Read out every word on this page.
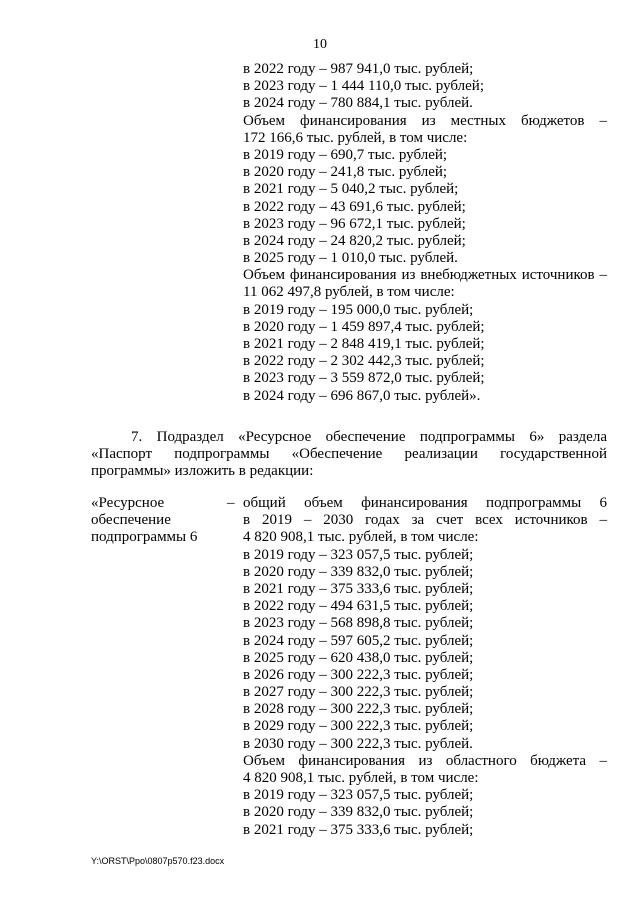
10
в 2022 году – 987 941,0 тыс. рублей;
в 2023 году – 1 444 110,0 тыс. рублей;
в 2024 году – 780 884,1 тыс. рублей.
Объем финансирования из местных бюджетов –
172 166,6 тыс. рублей, в том числе:
в 2019 году – 690,7 тыс. рублей;
в 2020 году – 241,8 тыс. рублей;
в 2021 году – 5 040,2 тыс. рублей;
в 2022 году – 43 691,6 тыс. рублей;
в 2023 году – 96 672,1 тыс. рублей;
в 2024 году – 24 820,2 тыс. рублей;
в 2025 году – 1 010,0 тыс. рублей.
Объем финансирования из внебюджетных источников –
11 062 497,8 рублей, в том числе:
в 2019 году – 195 000,0 тыс. рублей;
в 2020 году – 1 459 897,4 тыс. рублей;
в 2021 году – 2 848 419,1 тыс. рублей;
в 2022 году – 2 302 442,3 тыс. рублей;
в 2023 году – 3 559 872,0 тыс. рублей;
в 2024 году – 696 867,0 тыс. рублей».
7. Подраздел «Ресурсное обеспечение подпрограммы 6» раздела
«Паспорт подпрограммы «Обеспечение реализации государственной
программы» изложить в редакции:
«Ресурсное
обеспечение
подпрограммы 6
– общий объем финансирования подпрограммы 6
в 2019 – 2030 годах за счет всех источников –
4 820 908,1 тыс. рублей, в том числе:
в 2019 году – 323 057,5 тыс. рублей;
в 2020 году – 339 832,0 тыс. рублей;
в 2021 году – 375 333,6 тыс. рублей;
в 2022 году – 494 631,5 тыс. рублей;
в 2023 году – 568 898,8 тыс. рублей;
в 2024 году – 597 605,2 тыс. рублей;
в 2025 году – 620 438,0 тыс. рублей;
в 2026 году – 300 222,3 тыс. рублей;
в 2027 году – 300 222,3 тыс. рублей;
в 2028 году – 300 222,3 тыс. рублей;
в 2029 году – 300 222,3 тыс. рублей;
в 2030 году – 300 222,3 тыс. рублей.
Объем финансирования из областного бюджета –
4 820 908,1 тыс. рублей, в том числе:
в 2019 году – 323 057,5 тыс. рублей;
в 2020 году – 339 832,0 тыс. рублей;
в 2021 году – 375 333,6 тыс. рублей;
Y:\ORST\Ppo\0807p570.f23.docx
